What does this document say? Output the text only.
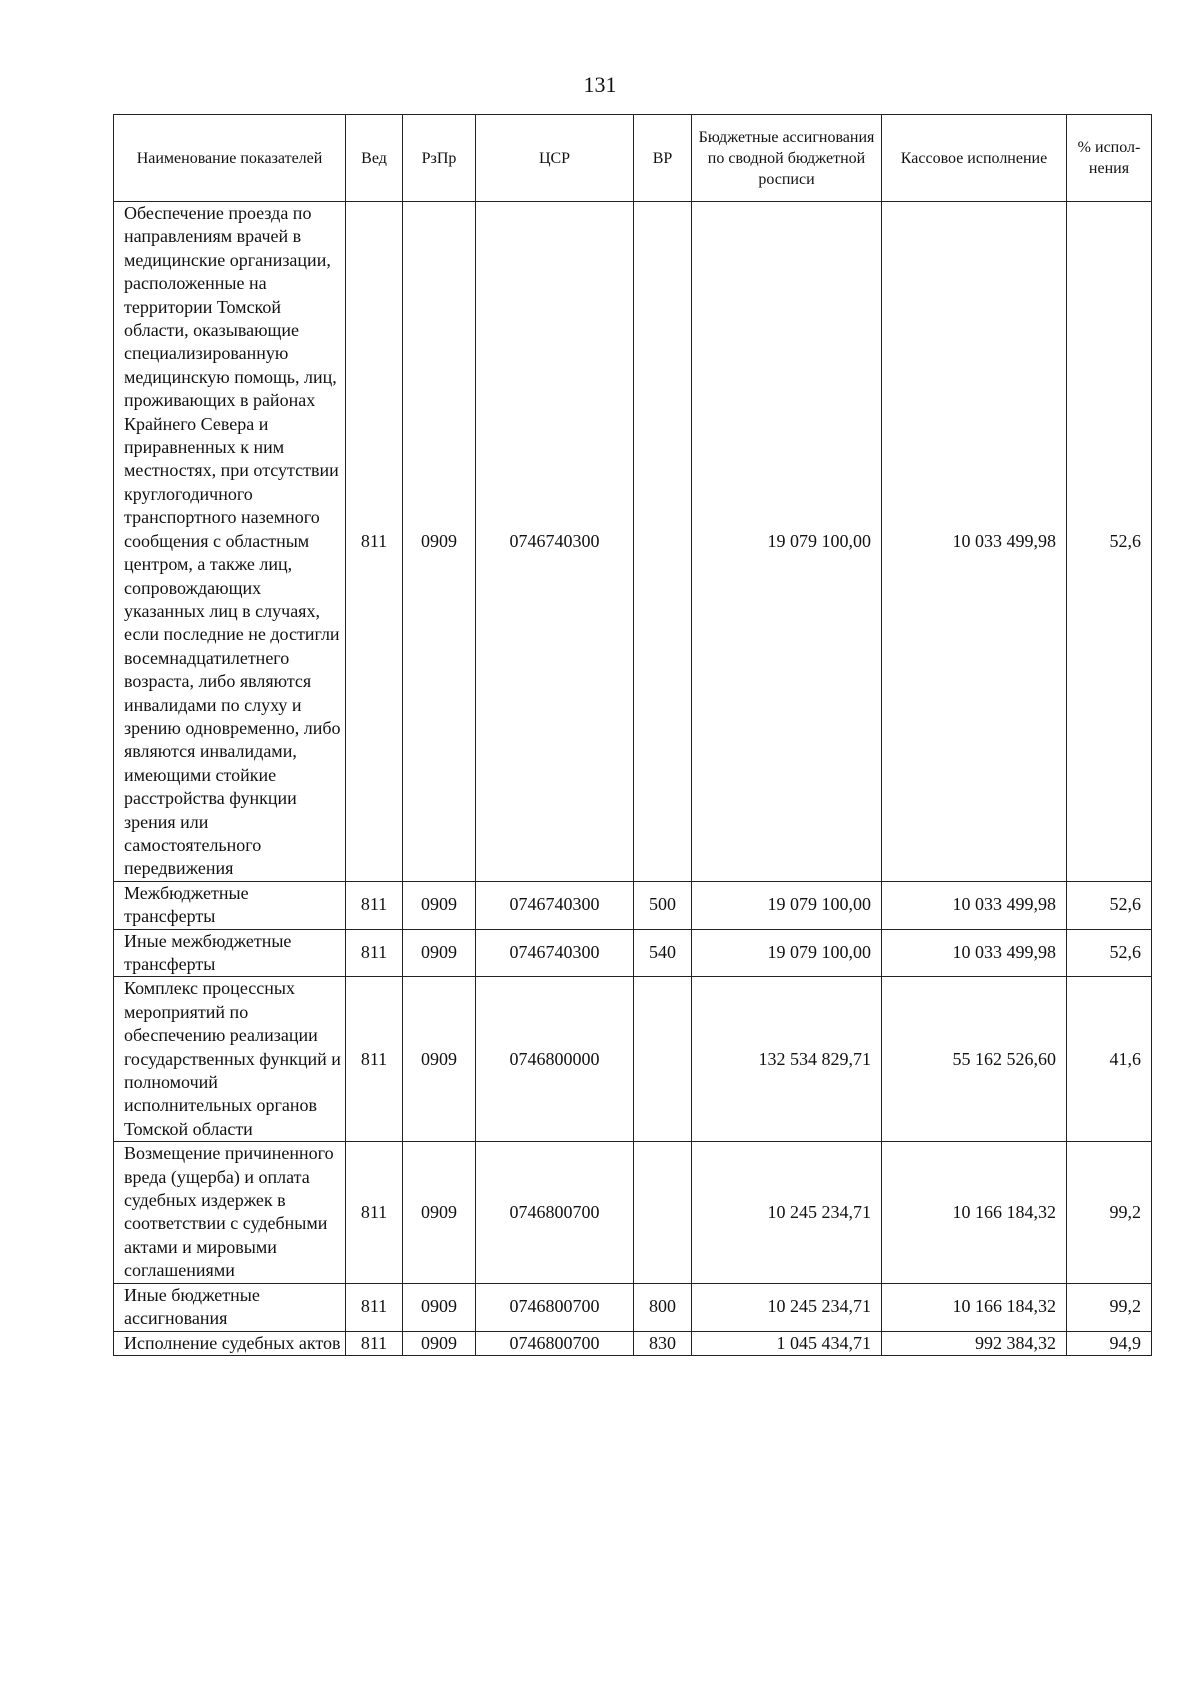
131
Наименование показателей	Вед	РзПр	ЦСР	ВР	Бюджетные ассигнования по сводной бюджетной росписи	Кассовое исполнение	% испол-нения
Обеспечение проезда по направлениям врачей в медицинские организации, расположенные на территории Томской области, оказывающие специализированную медицинскую помощь, лиц, проживающих в районах Крайнего Севера и приравненных к ним местностях, при отсутствии круглогодичного транспортного наземного сообщения с областным центром, а также лиц, сопровождающих указанных лиц в случаях, если последние не достигли восемнадцатилетнего возраста, либо являются инвалидами по слуху и зрению одновременно, либо являются инвалидами, имеющими стойкие расстройства функции зрения или самостоятельного передвижения	811	0909	0746740300		19 079 100,00	10 033 499,98	52,6
Межбюджетные трансферты	811	0909	0746740300	500	19 079 100,00	10 033 499,98	52,6
Иные межбюджетные трансферты	811	0909	0746740300	540	19 079 100,00	10 033 499,98	52,6
Комплекс процессных мероприятий по обеспечению реализации государственных функций и полномочий исполнительных органов Томской области	811	0909	0746800000		132 534 829,71	55 162 526,60	41,6
Возмещение причиненного вреда (ущерба) и оплата судебных издержек в соответствии с судебными актами и мировыми соглашениями	811	0909	0746800700		10 245 234,71	10 166 184,32	99,2
Иные бюджетные ассигнования	811	0909	0746800700	800	10 245 234,71	10 166 184,32	99,2
Исполнение судебных актов	811	0909	0746800700	830	1 045 434,71	992 384,32	94,9
